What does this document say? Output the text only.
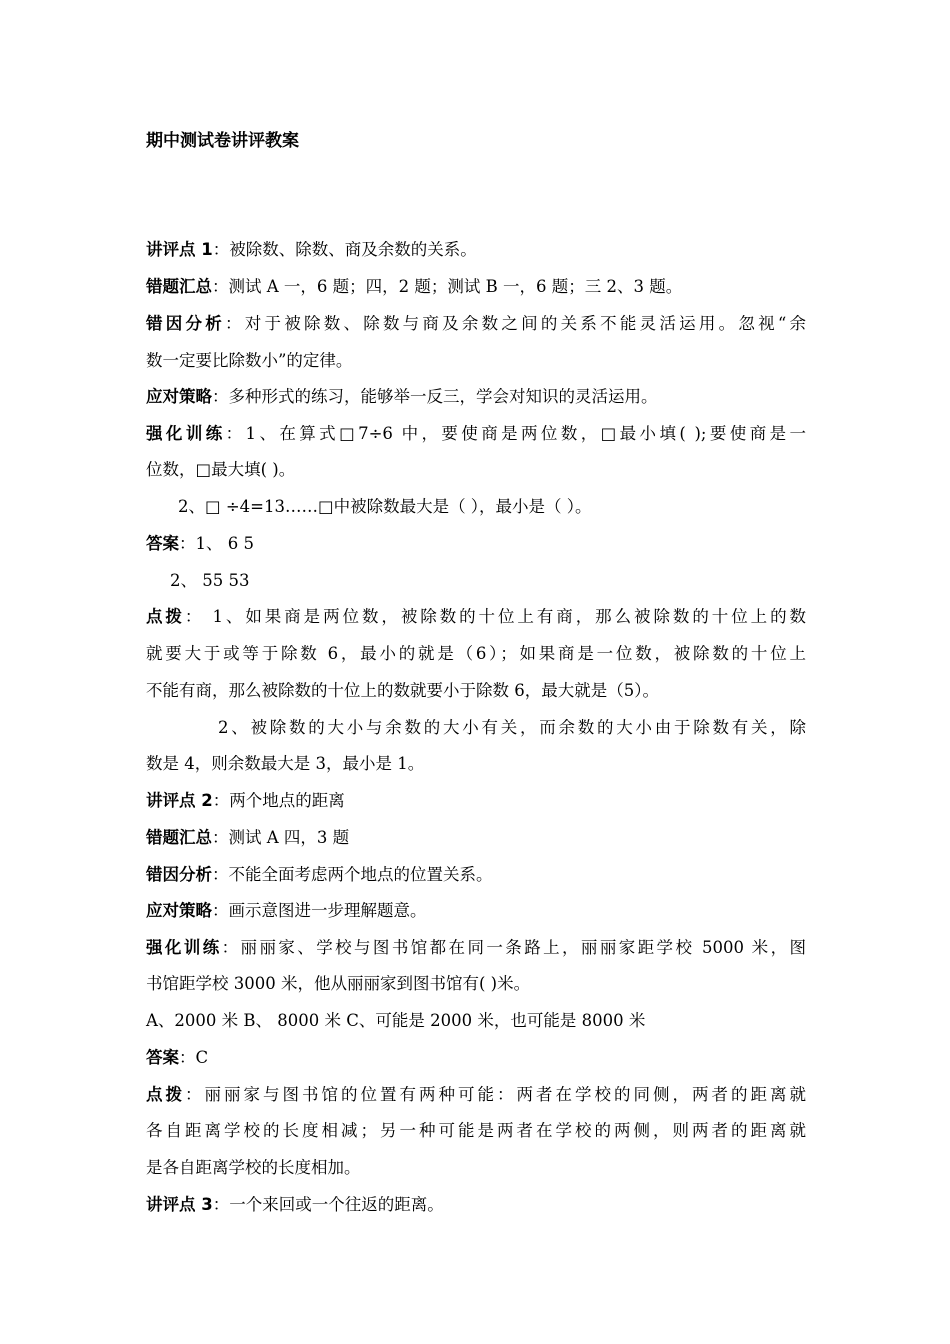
期中测试卷讲评教案
讲评点 1：被除数、除数、商及余数的关系。
错题汇总：测试 A 一，6 题；四，2 题；测试 B 一，6 题；三 2、3 题。
错因分析：对于被除数、除数与商及余数之间的关系不能灵活运用。忽视“余
数一定要比除数小”的定律。
应对策略：多种形式的练习，能够举一反三，学会对知识的灵活运用。
强化训练：1、在算式□7÷6 中，要使商是两位数，□最小填( );要使商是一
位数，□最大填( )。
2、□ ÷4=13……□中被除数最大是（ ），最小是（ ）。
答案：1、 6 5
2、 55 53
点拨： 1、如果商是两位数，被除数的十位上有商，那么被除数的十位上的数
就要大于或等于除数 6，最小的就是（6）；如果商是一位数，被除数的十位上
不能有商，那么被除数的十位上的数就要小于除数 6，最大就是（5）。
2、被除数的大小与余数的大小有关，而余数的大小由于除数有关，除
数是 4，则余数最大是 3，最小是 1。
讲评点 2：两个地点的距离
错题汇总：测试 A 四，3 题
错因分析：不能全面考虑两个地点的位置关系。
应对策略：画示意图进一步理解题意。
强化训练：丽丽家、学校与图书馆都在同一条路上，丽丽家距学校 5000 米，图
书馆距学校 3000 米，他从丽丽家到图书馆有( )米。
A、2000 米 B、 8000 米 C、可能是 2000 米，也可能是 8000 米
答案：C
点拨：丽丽家与图书馆的位置有两种可能：两者在学校的同侧，两者的距离就
各自距离学校的长度相减；另一种可能是两者在学校的两侧，则两者的距离就
是各自距离学校的长度相加。
讲评点 3：一个来回或一个往返的距离。
